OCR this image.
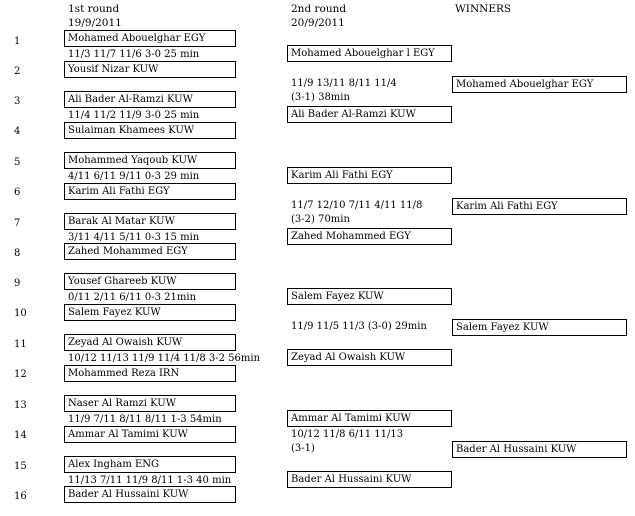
1st round
19/9/2011
2nd round
20/9/2011
WINNERS
1
2
3
4
5
6
7
8
9
10
11
12
13
14
15
16
Mohamed Abouelghar EGY
Yousif Nizar KUW
Ali Bader Al-Ramzi KUW
Sulaiman Khamees KUW
Mohammed Yaqoub KUW
Karim Ali Fathi EGY
Barak Al Matar KUW
Zahed Mohammed EGY
Yousef Ghareeb KUW
Salem Fayez KUW
Zeyad Al Owaish KUW
Mohammed Reza IRN
Naser Al Ramzi KUW
Ammar Al Tamimi KUW
Alex Ingham ENG
Bader Al Hussaini KUW
11/3 11/7 11/6 3-0 25 min
11/4 11/2 11/9 3-0 25 min
4/11 6/11 9/11 0-3 29 min
3/11 4/11 5/11 0-3 15 min
0/11 2/11 6/11 0-3 21min
10/12 11/13 11/9 11/4 11/8 3-2 56min
11/9 7/11 8/11 8/11 1-3 54min
11/13 7/11 11/9 8/11 1-3 40 min
Mohamed Abouelghar l EGY
Ali Bader Al-Ramzi KUW
Karim Ali Fathi EGY
Zahed Mohammed EGY
Salem Fayez KUW
Zeyad Al Owaish KUW
Ammar Al Tamimi KUW
Bader Al Hussaini KUW
11/9 13/11 8/11 11/4
(3-1) 38min
11/7 12/10 7/11 4/11 11/8
(3-2) 70min
11/9 11/5 11/3 (3-0) 29min
10/12 11/8 6/11 11/13
(3-1)
Mohamed Abouelghar EGY
Karim Ali Fathi EGY
Salem Fayez KUW
Bader Al Hussaini KUW
